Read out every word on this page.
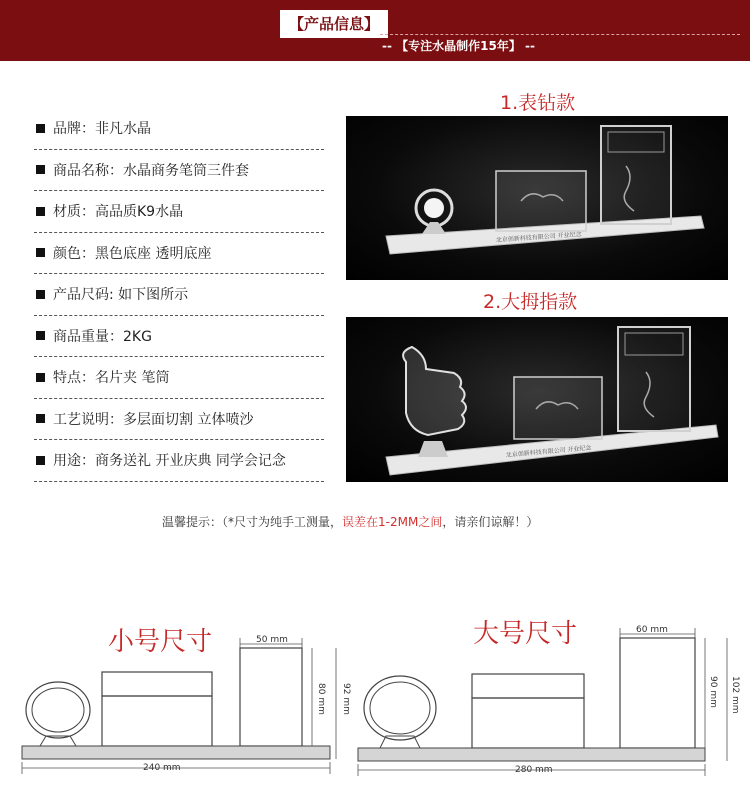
【产品信息】
-- 【专注水晶制作15年】 --
品牌：非凡水晶
商品名称：水晶商务笔筒三件套
材质：高品质K9水晶
颜色：黑色底座 透明底座
产品尺码: 如下图所示
商品重量：2KG
特点：名片夹 笔筒
工艺说明：多层面切割 立体喷沙
用途：商务送礼 开业庆典 同学会记念
1.表钻款
北京创新科技有限公司 开业纪念
2.大拇指款
北京创新科技有限公司 开业纪念
温馨提示：（*尺寸为纯手工测量，误差在1-2MM之间，请亲们谅解！）
小号尺寸	50 mm
80 mm 92 mm
240 mm
大号尺寸	60 mm
90 mm 102 mm
280 mm
